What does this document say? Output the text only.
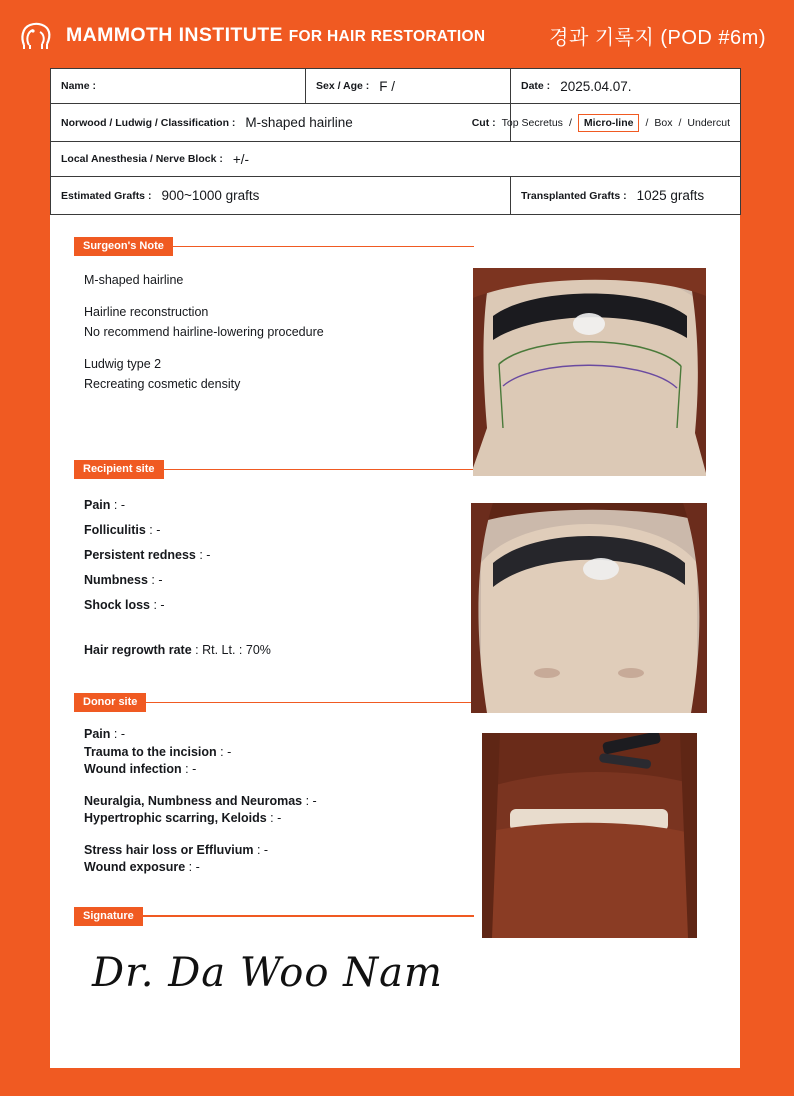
MAMMOTH INSTITUTE FOR HAIR RESTORATION	경과 기록지 (POD #6m)
Name :	Sex / Age : F /	Date : 2025.04.07.

Norwood / Ludwig / Classification : M-shaped hairline	Cut : Top Secretus /	Micro-line	/ Box / Undercut

Local Anesthesia / Nerve Block : +/-		

Estimated Grafts : 900~1000 grafts		Transplanted Grafts : 1025 grafts
Surgeon's Note
M-shaped hairline
Hairline reconstruction
No recommend hairline-lowering procedure
Ludwig type 2
Recreating cosmetic density
Recipient site
Pain : -
Folliculitis : -
Persistent redness : -
Numbness : -
Shock loss : -
Hair regrowth rate : Rt. Lt. : 70%
Donor site
Pain : -
Trauma to the incision : -
Wound infection : -
Neuralgia, Numbness and Neuromas : -
Hypertrophic scarring, Keloids : -
Stress hair loss or Effluvium : -
Wound exposure : -
Signature
Dr. Da Woo Nam
